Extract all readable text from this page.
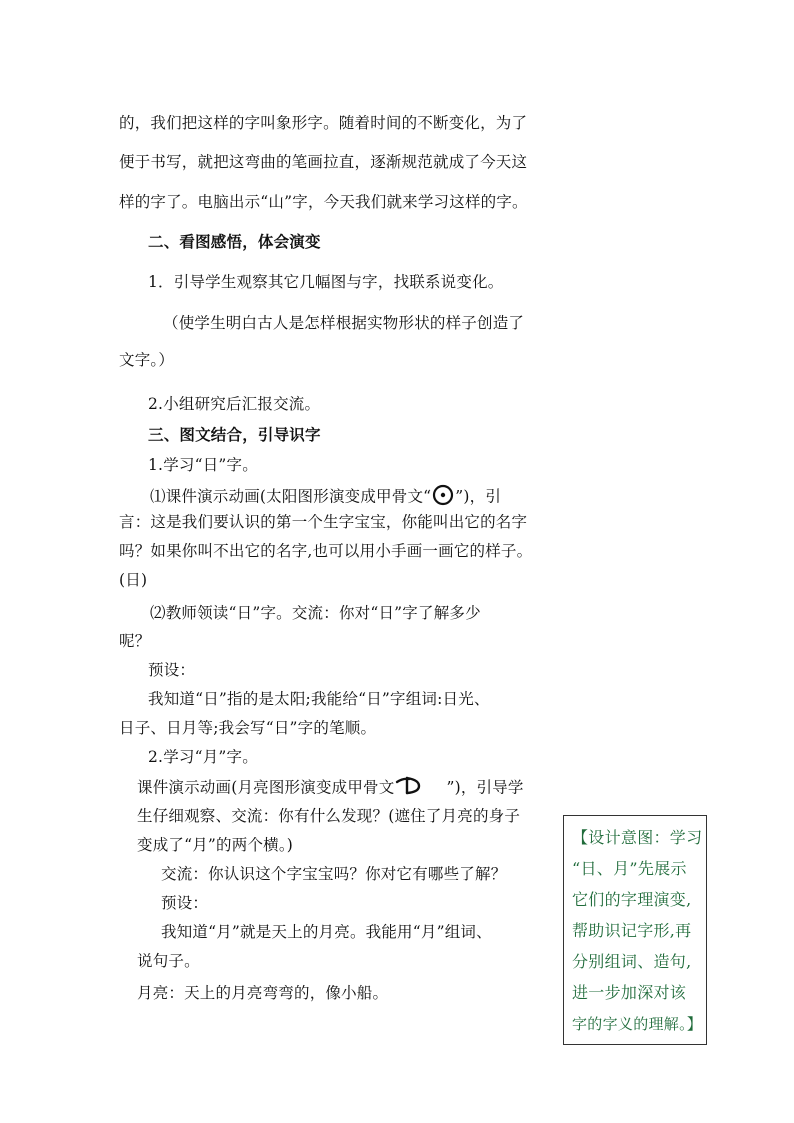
的，我们把这样的字叫象形字。随着时间的不断变化，为了
便于书写，就把这弯曲的笔画拉直，逐渐规范就成了今天这
样的字了。电脑出示“山”字，今天我们就来学习这样的字。
二、看图感悟，体会演变
1．引导学生观察其它几幅图与字，找联系说变化。
（使学生明白古人是怎样根据实物形状的样子创造了
文字。）
2.小组研究后汇报交流。
三、图文结合，引导识字
1.学习“日”字。
⑴课件演示动画(太阳图形演变成甲骨文“ ”)，引
言：这是我们要认识的第一个生字宝宝，你能叫出它的名字
吗？如果你叫不出它的名字,也可以用小手画一画它的样子。
(日)
⑵教师领读“日”字。交流：你对“日”字了解多少
呢？
预设：
我知道“日”指的是太阳;我能给“日”字组词:日光、
日子、日月等;我会写“日”字的笔顺。
2.学习“月”字。
课件演示动画(月亮图形演变成甲骨文	”)，引导学
生仔细观察、交流：你有什么发现？(遮住了月亮的身子
变成了“月”的两个横。)
交流：你认识这个字宝宝吗？你对它有哪些了解？
预设：
我知道“月”就是天上的月亮。我能用“月”组词、
说句子。
月亮：天上的月亮弯弯的，像小船。
【设计意图：学习
“日、月”先展示
它们的字理演变,
帮助识记字形,再
分别组词、造句,
进一步加深对该
字的字义的理解。】
